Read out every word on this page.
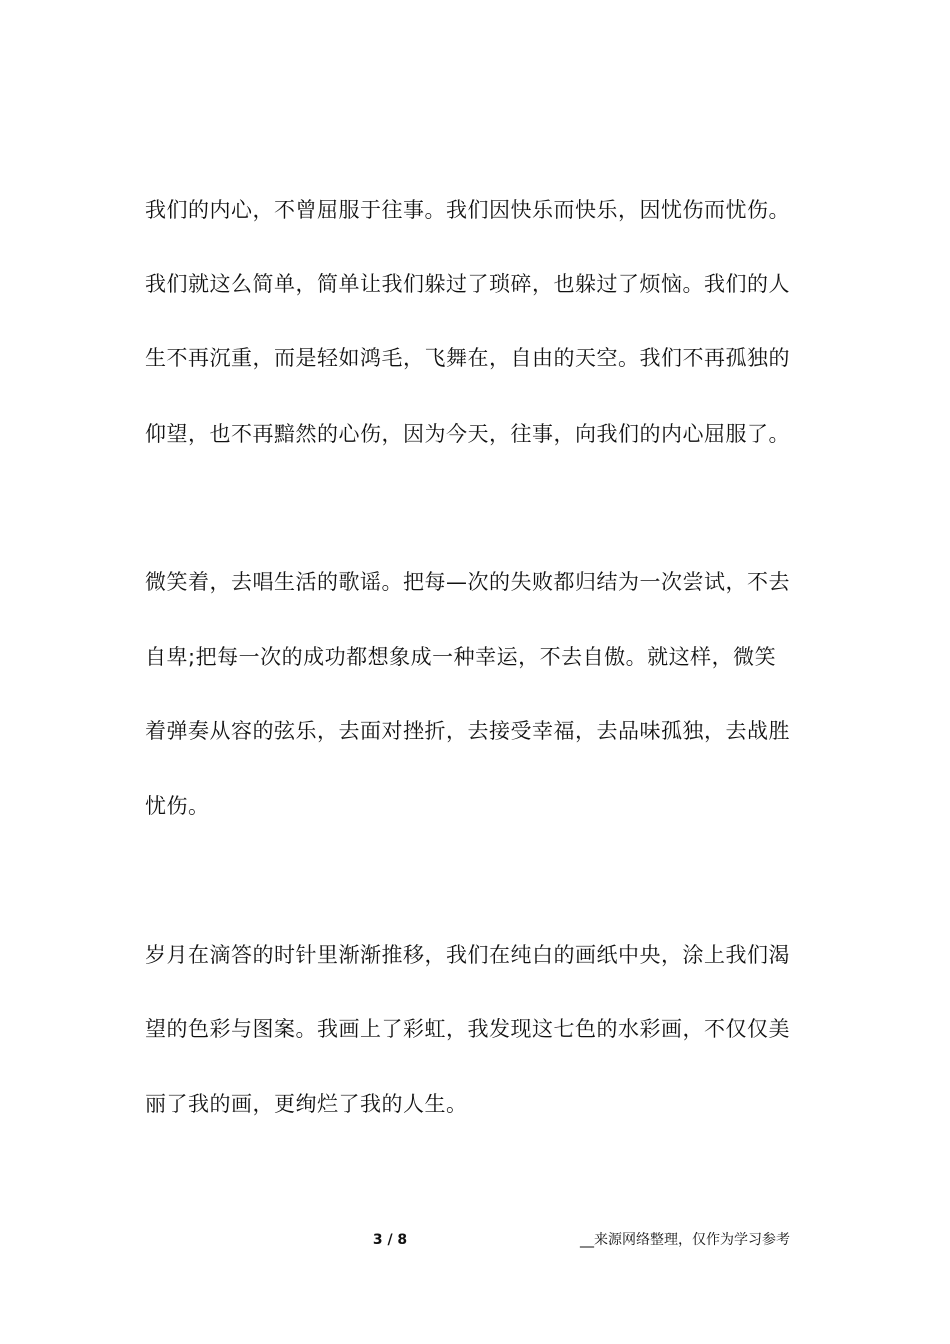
我们的内心，不曾屈服于往事。我们因快乐而快乐，因忧伤而忧伤。
我们就这么简单，简单让我们躲过了琐碎，也躲过了烦恼。我们的人
生不再沉重，而是轻如鸿毛，飞舞在，自由的天空。我们不再孤独的
仰望，也不再黯然的心伤，因为今天，往事，向我们的内心屈服了。
微笑着，去唱生活的歌谣。把每—次的失败都归结为一次尝试，不去
自卑;把每一次的成功都想象成一种幸运，不去自傲。就这样，微笑
着弹奏从容的弦乐，去面对挫折，去接受幸福，去品味孤独，去战胜
忧伤。
岁月在滴答的时针里渐渐推移，我们在纯白的画纸中央，涂上我们渴
望的色彩与图案。我画上了彩虹，我发现这七色的水彩画，不仅仅美
丽了我的画，更绚烂了我的人生。
3 / 8	__来源网络整理，仅作为学习参考
